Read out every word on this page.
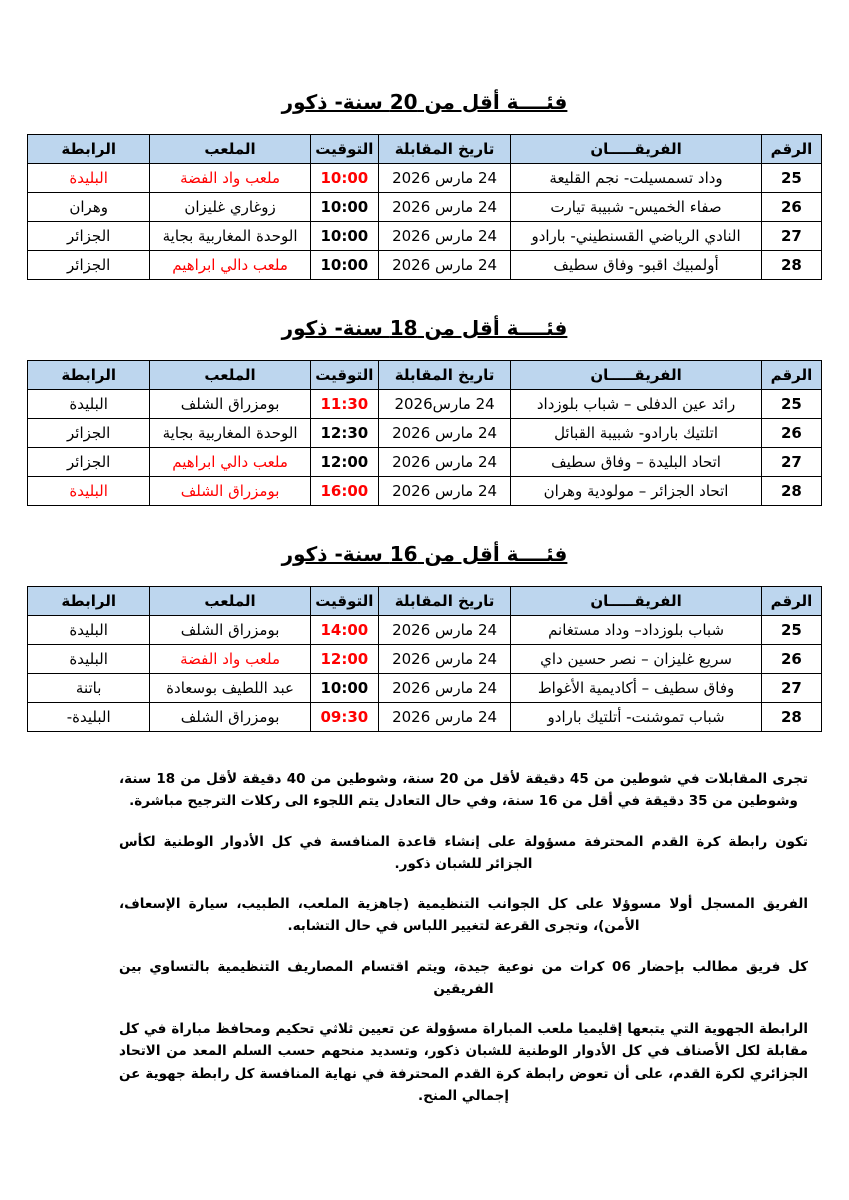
فئــــة أقل من 20 سنة- ذكور
الرقم	الفريقـــــان	تاريخ المقابلة	التوقيت	الملعب	الرابطة
25	وداد تسمسيلت- نجم القليعة	24 مارس 2026	10:00	ملعب واد الفضة	البليدة
26	صفاء الخميس- شبيبة تيارت	24 مارس 2026	10:00	زوغاري غليزان	وهران
27	النادي الرياضي القسنطيني- بارادو	24 مارس 2026	10:00	الوحدة المغاربية بجاية	الجزائر
28	أولمبيك اقبو- وفاق سطيف	24 مارس 2026	10:00	ملعب دالي ابراهيم	الجزائر
فئــــة أقل من 18 سنة- ذكور
الرقم	الفريقـــــان	تاريخ المقابلة	التوقيت	الملعب	الرابطة
25	رائد عين الدفلى – شباب بلوزداد	24 مارس2026	11:30	بومزراق الشلف	البليدة
26	اتلتيك بارادو- شبيبة القبائل	24 مارس 2026	12:30	الوحدة المغاربية بجاية	الجزائر
27	اتحاد البليدة – وفاق سطيف	24 مارس 2026	12:00	ملعب دالي ابراهيم	الجزائر
28	اتحاد الجزائر – مولودية وهران	24 مارس 2026	16:00	بومزراق الشلف	البليدة
فئــــة أقل من 16 سنة- ذكور
الرقم	الفريقـــــان	تاريخ المقابلة	التوقيت	الملعب	الرابطة
25	شباب بلوزداد– وداد مستغانم	24 مارس 2026	14:00	بومزراق الشلف	البليدة
26	سريع غليزان – نصر حسين داي	24 مارس 2026	12:00	ملعب واد الفضة	البليدة
27	وفاق سطيف – أكاديمية الأغواط	24 مارس 2026	10:00	عبد اللطيف بوسعادة	باتنة
28	شباب تموشنت- أتلتيك بارادو	24 مارس 2026	09:30	بومزراق الشلف	البليدة-

تجرى المقابلات في شوطين من 45 دقيقة لأقل من 20 سنة، وشوطين من 40 دقيقة لأقل من 18 سنة، وشوطين من 35 دقيقة في أقل من 16 سنة، وفي حال التعادل يتم اللجوء الى ركلات الترجيح مباشرة.

تكون رابطة كرة القدم المحترفة مسؤولة على إنشاء قاعدة المنافسة في كل الأدوار الوطنية لكأس الجزائر للشبان ذكور.

الفريق المسجل أولا مسوؤلا على كل الجوانب التنظيمية (جاهزية الملعب، الطبيب، سيارة الإسعاف، الأمن)، وتجرى القرعة لتغيير اللباس في حال التشابه.

كل فريق مطالب بإحضار 06 كرات من نوعية جيدة، ويتم اقتسام المصاريف التنظيمية بالتساوي بين الفريقين

الرابطة الجهوية التي يتبعها إقليميا ملعب المباراة مسؤولة عن تعيين ثلاثي تحكيم ومحافظ مباراة في كل مقابلة لكل الأصناف في كل الأدوار الوطنية للشبان ذكور، وتسديد منحهم حسب السلم المعد من الاتحاد الجزائري لكرة القدم، على أن تعوض رابطة كرة القدم المحترفة في نهاية المنافسة كل رابطة جهوية عن إجمالي المنح.
